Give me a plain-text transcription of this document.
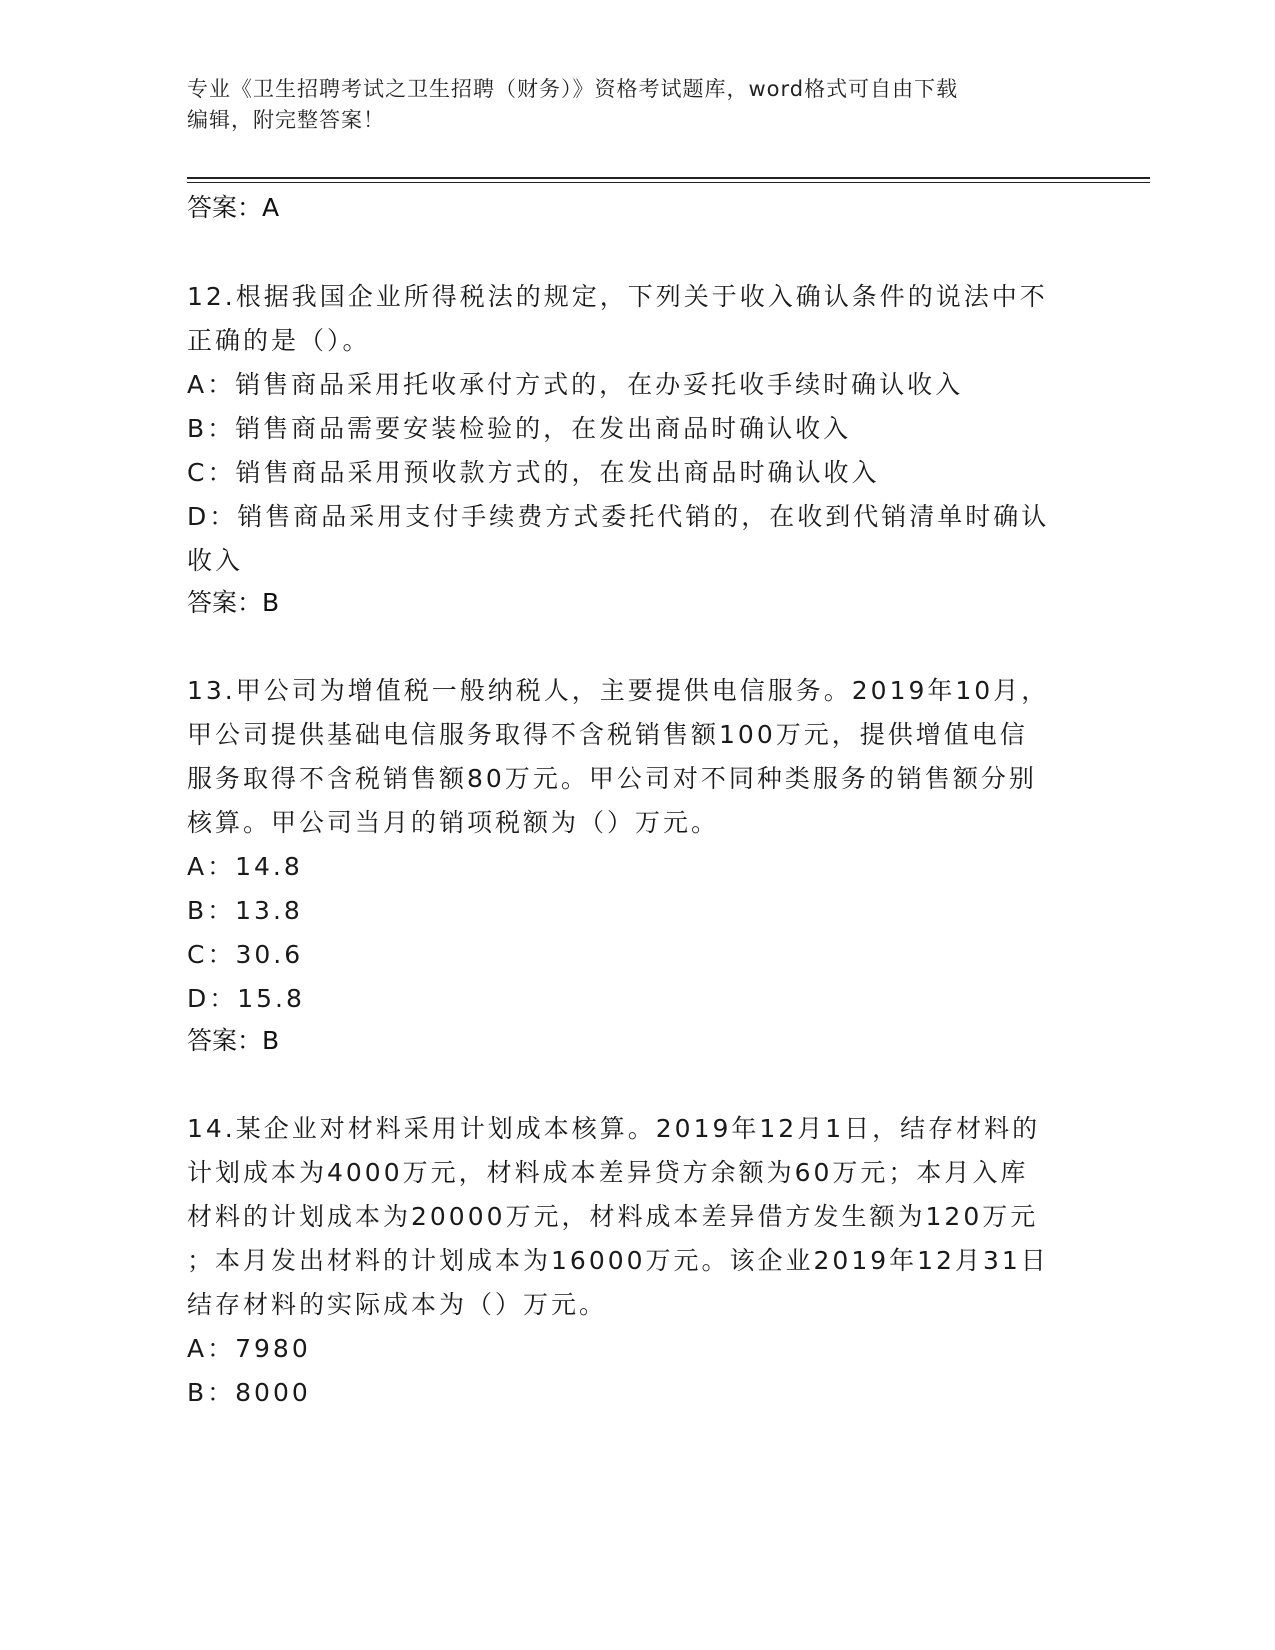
专业《卫生招聘考试之卫生招聘（财务）》资格考试题库，word格式可自由下载
编辑，附完整答案！
答案：A
12.根据我国企业所得税法的规定，下列关于收入确认条件的说法中不
正确的是（）。
A：销售商品采用托收承付方式的，在办妥托收手续时确认收入
B：销售商品需要安装检验的，在发出商品时确认收入
C：销售商品采用预收款方式的，在发出商品时确认收入
D：销售商品采用支付手续费方式委托代销的，在收到代销清单时确认
收入
答案：B
13.甲公司为增值税一般纳税人，主要提供电信服务。2019年10月，
甲公司提供基础电信服务取得不含税销售额100万元，提供增值电信
服务取得不含税销售额80万元。甲公司对不同种类服务的销售额分别
核算。甲公司当月的销项税额为（）万元。
A：14.8
B：13.8
C：30.6
D：15.8
答案：B
14.某企业对材料采用计划成本核算。2019年12月1日，结存材料的
计划成本为4000万元，材料成本差异贷方余额为60万元；本月入库
材料的计划成本为20000万元，材料成本差异借方发生额为120万元
；本月发出材料的计划成本为16000万元。该企业2019年12月31日
结存材料的实际成本为（）万元。
A：7980
B：8000
